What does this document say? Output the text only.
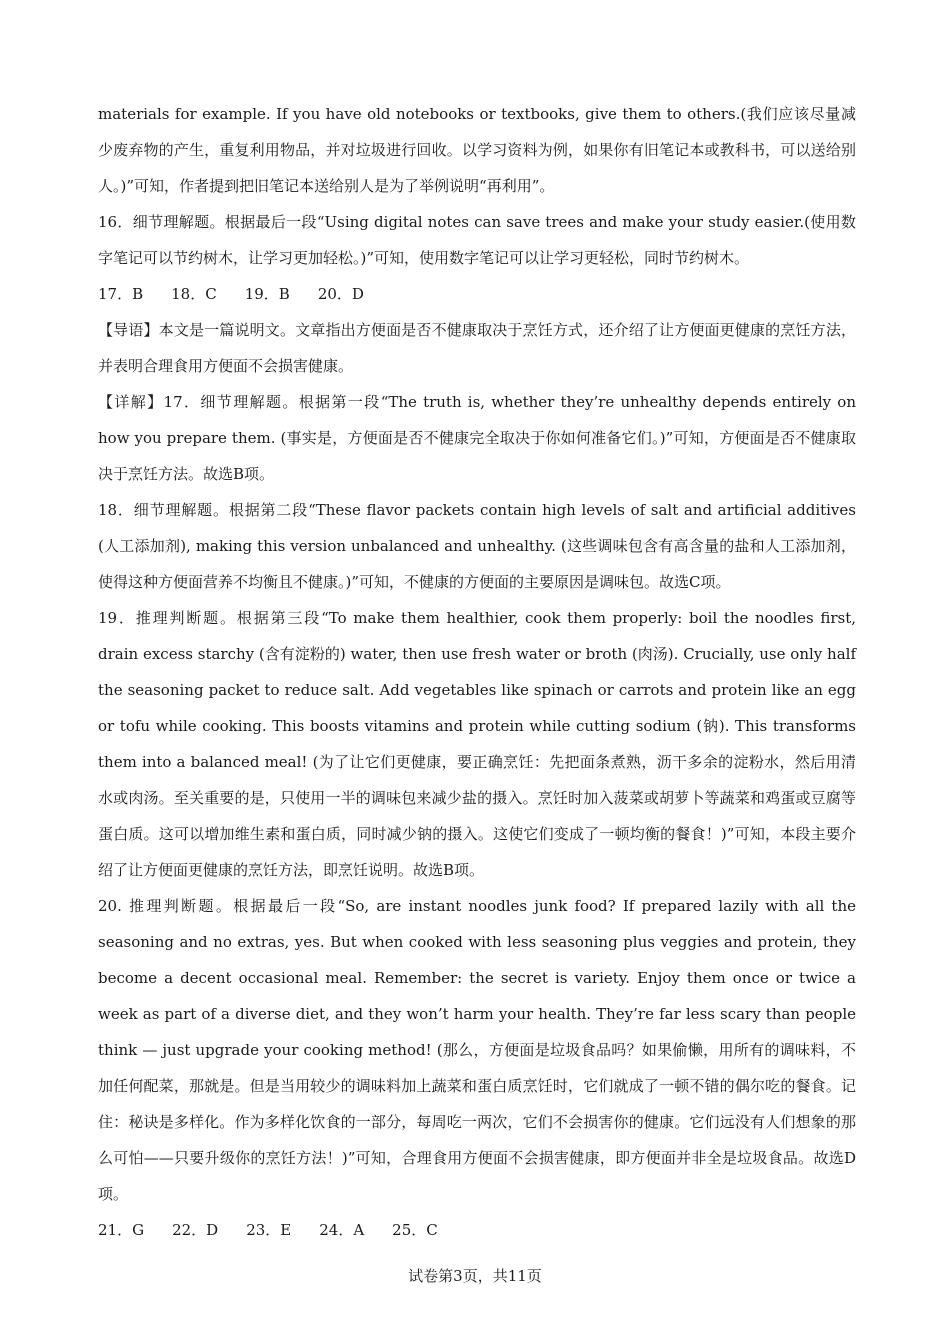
materials for example. If you have old notebooks or textbooks, give them to others.(我们应该尽量减少废弃物的产生，重复利用物品，并对垃圾进行回收。以学习资料为例，如果你有旧笔记本或教科书，可以送给别人。)”可知，作者提到把旧笔记本送给别人是为了举例说明“再利用”。

16．细节理解题。根据最后一段“Using digital notes can save trees and make your study easier.(使用数字笔记可以节约树木，让学习更加轻松。)”可知，使用数字笔记可以让学习更轻松，同时节约树木。

17．B 18．C 19．B 20．D

【导语】本文是一篇说明文。文章指出方便面是否不健康取决于烹饪方式，还介绍了让方便面更健康的烹饪方法，并表明合理食用方便面不会损害健康。

【详解】17．细节理解题。根据第一段“The truth is, whether they’re unhealthy depends entirely on how you prepare them. (事实是，方便面是否不健康完全取决于你如何准备它们。)”可知，方便面是否不健康取决于烹饪方法。故选B项。

18．细节理解题。根据第二段“These flavor packets contain high levels of salt and artificial additives (人工添加剂), making this version unbalanced and unhealthy. (这些调味包含有高含量的盐和人工添加剂，使得这种方便面营养不均衡且不健康。)”可知，不健康的方便面的主要原因是调味包。故选C项。

19．推理判断题。根据第三段“To make them healthier, cook them properly: boil the noodles first, drain excess starchy (含有淀粉的) water, then use fresh water or broth (肉汤). Crucially, use only half the seasoning packet to reduce salt. Add vegetables like spinach or carrots and protein like an egg or tofu while cooking. This boosts vitamins and protein while cutting sodium (钠). This transforms them into a balanced meal! (为了让它们更健康，要正确烹饪：先把面条煮熟，沥干多余的淀粉水，然后用清水或肉汤。至关重要的是，只使用一半的调味包来减少盐的摄入。烹饪时加入菠菜或胡萝卜等蔬菜和鸡蛋或豆腐等蛋白质。这可以增加维生素和蛋白质，同时减少钠的摄入。这使它们变成了一顿均衡的餐食！)”可知，本段主要介绍了让方便面更健康的烹饪方法，即烹饪说明。故选B项。

20. 推理判断题。根据最后一段“So, are instant noodles junk food? If prepared lazily with all the seasoning and no extras, yes. But when cooked with less seasoning plus veggies and protein, they become a decent occasional meal. Remember: the secret is variety. Enjoy them once or twice a week as part of a diverse diet, and they won’t harm your health. They’re far less scary than people think — just upgrade your cooking method! (那么，方便面是垃圾食品吗？如果偷懒，用所有的调味料，不加任何配菜，那就是。但是当用较少的调味料加上蔬菜和蛋白质烹饪时，它们就成了一顿不错的偶尔吃的餐食。记住：秘诀是多样化。作为多样化饮食的一部分，每周吃一两次，它们不会损害你的健康。它们远没有人们想象的那么可怕——只要升级你的烹饪方法！)”可知，合理食用方便面不会损害健康，即方便面并非全是垃圾食品。故选D项。

21．G 22．D 23．E 24．A 25．C

试卷第3页，共11页
